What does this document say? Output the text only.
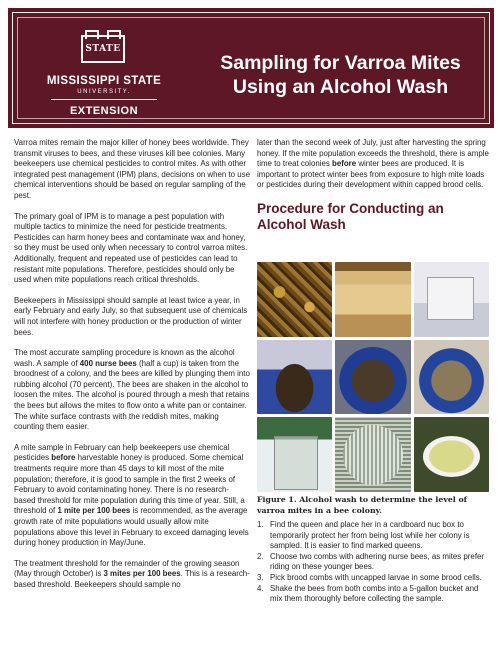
STATE
MISSISSIPPI STATE
UNIVERSITY.
EXTENSION
Sampling for Varroa Mites
Using an Alcohol Wash

Varroa mites remain the major killer of honey bees worldwide. They transmit viruses to bees, and these viruses kill bee colonies. Many beekeepers use chemical pesticides to control mites. As with other integrated pest management (IPM) plans, decisions on when to use chemical interventions should be based on regular sampling of the pest.

The primary goal of IPM is to manage a pest population with multiple tactics to minimize the need for pesticide treatments. Pesticides can harm honey bees and contaminate wax and honey, so they must be used only when necessary to control varroa mites. Additionally, frequent and repeated use of pesticides can lead to resistant mite populations. Therefore, pesticides should only be used when mite populations reach critical thresholds.

Beekeepers in Mississippi should sample at least twice a year, in early February and early July, so that subsequent use of chemicals will not interfere with honey production or the production of winter bees.

The most accurate sampling procedure is known as the alcohol wash. A sample of 400 nurse bees (half a cup) is taken from the broodnest of a colony, and the bees are killed by plunging them into rubbing alcohol (70 percent). The bees are shaken in the alcohol to loosen the mites. The alcohol is poured through a mesh that retains the bees but allows the mites to flow onto a white pan or container. The white surface contrasts with the reddish mites, making counting them easier.

A mite sample in February can help beekeepers use chemical pesticides before harvestable honey is produced. Some chemical treatments require more than 45 days to kill most of the mite population; therefore, it is good to sample in the first 2 weeks of February to avoid contaminating honey. There is no research-based threshold for mite population during this time of year. Still, a threshold of 1 mite per 100 bees is recommended, as the average growth rate of mite populations would usually allow mite populations above this level in February to exceed damaging levels during honey production in May/June.

The treatment threshold for the remainder of the growing season (May through October) is 3 mites per 100 bees. This is a research-based threshold. Beekeepers should sample no

later than the second week of July, just after harvesting the spring honey. If the mite population exceeds the threshold, there is ample time to treat colonies before winter bees are produced. It is important to protect winter bees from exposure to high mite loads or pesticides during their development within capped brood cells.

Procedure for Conducting an Alcohol Wash
Figure 1. Alcohol wash to determine the level of varroa mites in a bee colony.
1. Find the queen and place her in a cardboard nuc box to temporarily protect her from being lost while her colony is sampled. It is easier to find marked queens.
2. Choose two combs with adhering nurse bees, as mites prefer riding on these younger bees.
3. Pick brood combs with uncapped larvae in some brood cells.
4. Shake the bees from both combs into a 5-gallon bucket and mix them thoroughly before collecting the sample.
